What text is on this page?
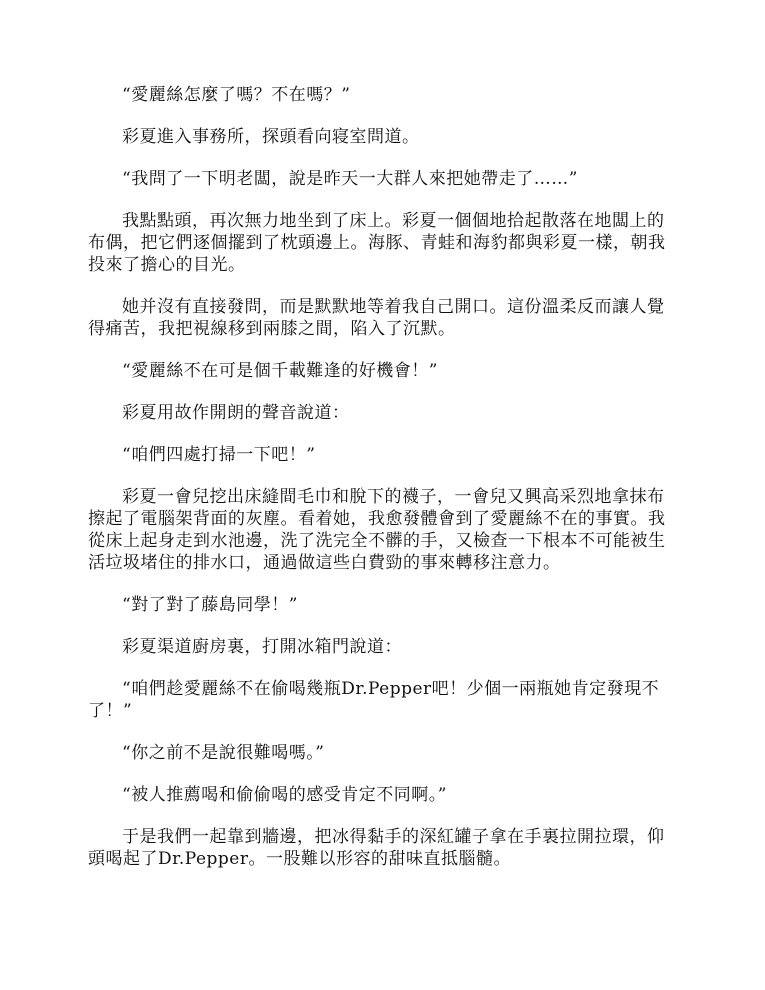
“愛麗絲怎麼了嗎？不在嗎？”

彩夏進入事務所，探頭看向寝室問道。

“我問了一下明老闆，說是昨天一大群人來把她帶走了……”

我點點頭，再次無力地坐到了床上。彩夏一個個地拾起散落在地闆上的布偶，把它們逐個擺到了枕頭邊上。海豚、青蛙和海豹都與彩夏一樣，朝我投來了擔心的目光。

她并沒有直接發問，而是默默地等着我自己開口。這份溫柔反而讓人覺得痛苦，我把視線移到兩膝之間，陷入了沉默。

“愛麗絲不在可是個千載難逢的好機會！”

彩夏用故作開朗的聲音說道：

“咱們四處打掃一下吧！”

彩夏一會兒挖出床縫間毛巾和脫下的襪子，一會兒又興高采烈地拿抹布擦起了電腦架背面的灰塵。看着她，我愈發體會到了愛麗絲不在的事實。我從床上起身走到水池邊，洗了洗完全不髒的手，又檢查一下根本不可能被生活垃圾堵住的排水口，通過做這些白費勁的事來轉移注意力。

“對了對了藤島同學！”

彩夏渠道廚房裏，打開冰箱門說道：

“咱們趁愛麗絲不在偷喝幾瓶Dr.Pepper吧！少個一兩瓶她肯定發現不了！”

“你之前不是說很難喝嗎。”

“被人推薦喝和偷偷喝的感受肯定不同啊。”

于是我們一起靠到牆邊，把冰得黏手的深紅罐子拿在手裏拉開拉環，仰頭喝起了Dr.Pepper。一股難以形容的甜味直抵腦髓。
